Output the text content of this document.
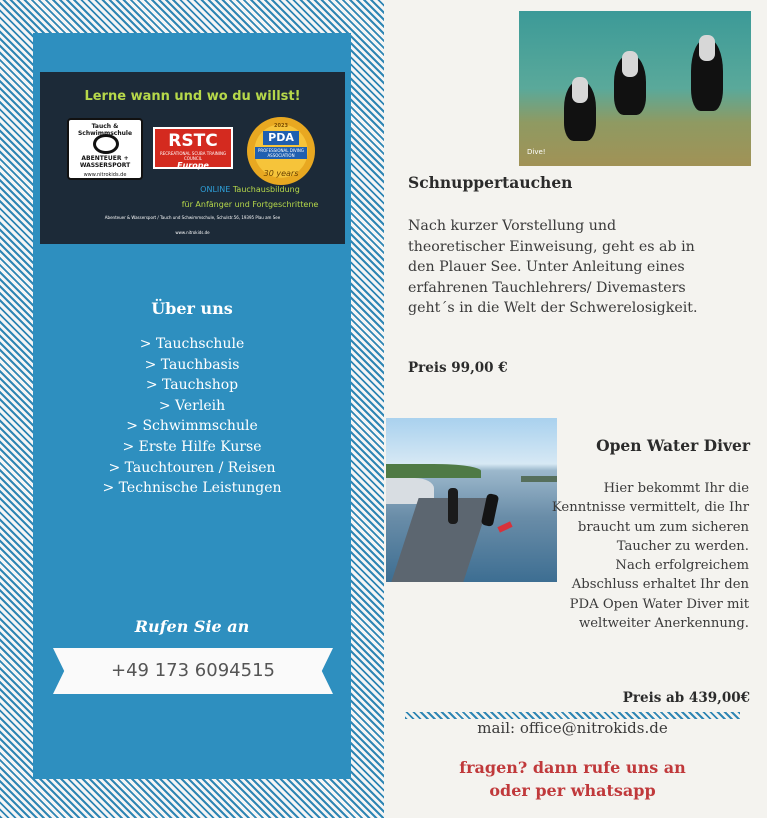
Lerne wann und wo du willst!
Tauch & Schwimmschule
ABENTEUER +
WASSERSPORT
www.nitrokids.de
RSTC
RECREATIONAL SCUBA TRAINING COUNCIL
Europe
2023
PDA
PROFESSIONAL DIVING ASSOCIATION
30 years
ONLINE Tauchausbildung
für Anfänger und Fortgeschrittene
Abenteuer & Wassersport / Tauch und Schwimmschule, Schulstr.56, 19395 Plau am See
www.nitrokids.de
Über uns
> Tauchschule
> Tauchbasis
> Tauchshop
> Verleih
> Schwimmschule
> Erste Hilfe Kurse
> Tauchtouren / Reisen
> Technische Leistungen
Rufen Sie an
+49 173 6094515
Dive!
Schnuppertauchen
Nach kurzer Vorstellung und theoretischer Einweisung, geht es ab in den Plauer See. Unter Anleitung eines erfahrenen Tauchlehrers/ Divemasters geht´s in die Welt der Schwerelosigkeit.
Preis 99,00 €
Open Water Diver
Hier bekommt Ihr die Kenntnisse vermittelt, die Ihr braucht um zum sicheren Taucher zu werden.
Nach erfolgreichem Abschluss erhaltet Ihr den PDA Open Water Diver mit weltweiter Anerkennung.
Preis ab 439,00€
mail: office@nitrokids.de
fragen? dann rufe uns an
oder per whatsapp
